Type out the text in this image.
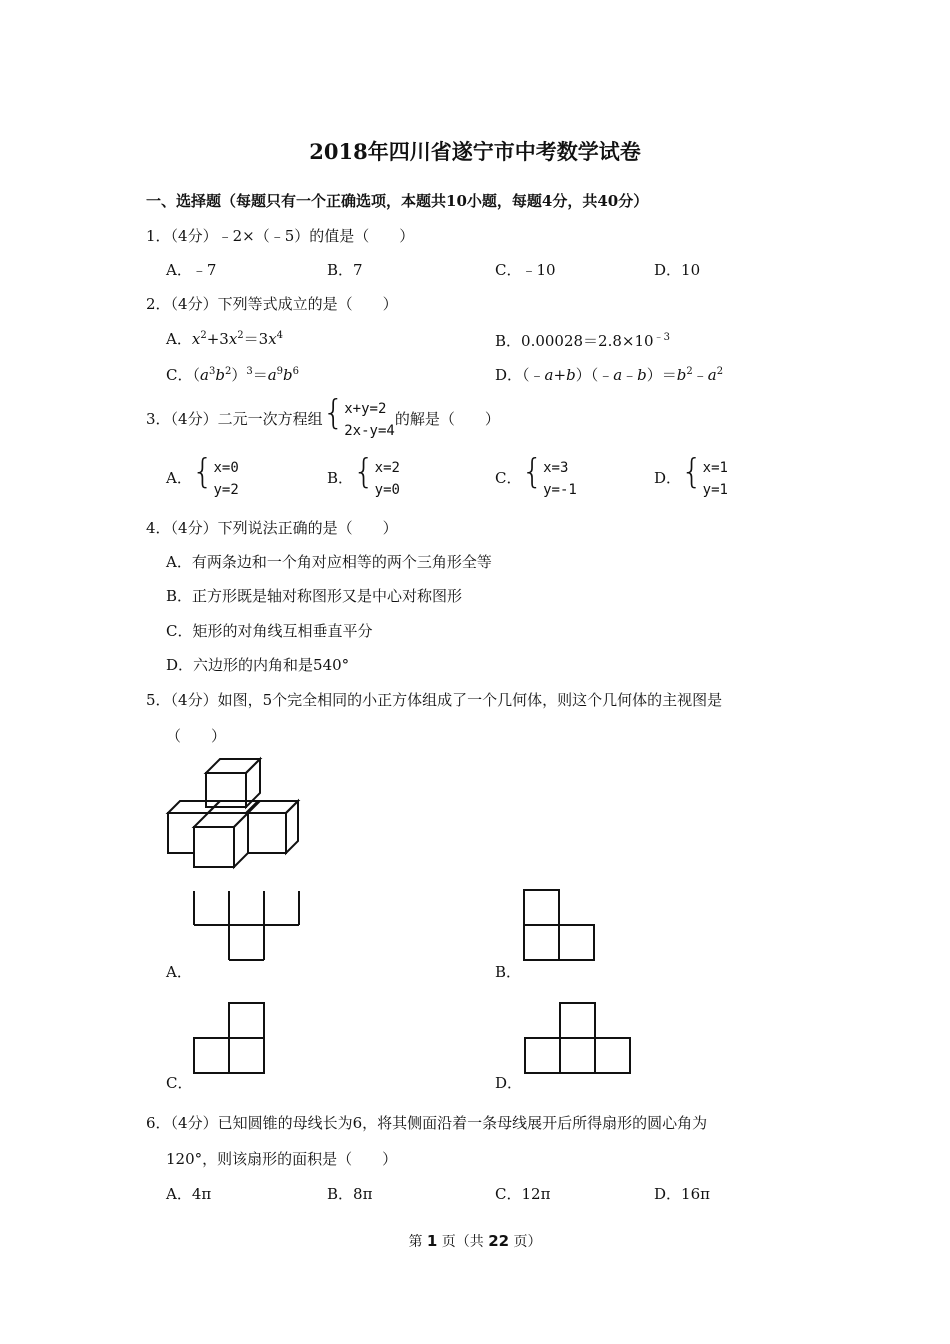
2018年四川省遂宁市中考数学试卷
一、选择题（每题只有一个正确选项，本题共10小题，每题4分，共40分）
1．（4分）﹣2×（﹣5）的值是（　　）
A．﹣7	B．7	C．﹣10	D．10
2．（4分）下列等式成立的是（　　）
A．$x^2+3x^2=3x^4$	B．$0.00028=2.8\times 10^{﹣3}$
C．$(a^3b^2)^3=a^9b^6$	D．$(﹣a+b)(﹣a﹣b)=b^2﹣a^2$
3．（4分）二元一次方程组{x+y=2
2x-y=4的解是（　　）
A．{x=0
y=2
B．{x=2
y=0
C．{x=3
y=-1
D．{x=1
y=1
4．（4分）下列说法正确的是（　　）
A．有两条边和一个角对应相等的两个三角形全等
B．正方形既是轴对称图形又是中心对称图形
C．矩形的对角线互相垂直平分
D．六边形的内角和是540°
5．（4分）如图，5个完全相同的小正方体组成了一个几何体，则这个几何体的主视图是
（　　）
A．	B．
C．	D．
6．（4分）已知圆锥的母线长为6，将其侧面沿着一条母线展开后所得扇形的圆心角为
120°，则该扇形的面积是（　　）
A．4π	B．8π	C．12π	D．16π
第 1 页（共 22 页）
